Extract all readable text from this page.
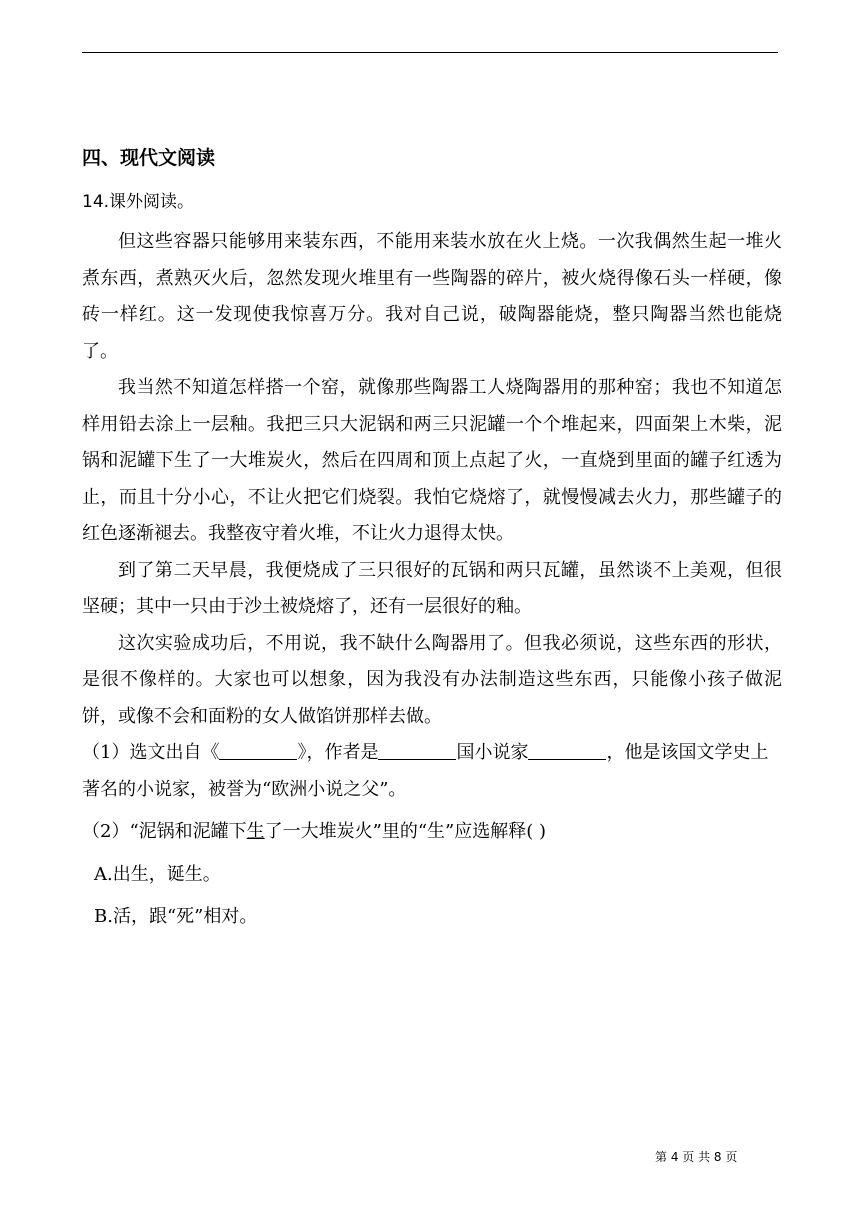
四、现代文阅读
14.课外阅读。

但这些容器只能够用来装东西，不能用来装水放在火上烧。一次我偶然生起一堆火煮东西，煮熟灭火后，忽然发现火堆里有一些陶器的碎片，被火烧得像石头一样硬，像砖一样红。这一发现使我惊喜万分。我对自己说，破陶器能烧，整只陶器当然也能烧了。

我当然不知道怎样搭一个窑，就像那些陶器工人烧陶器用的那种窑；我也不知道怎样用铅去涂上一层釉。我把三只大泥锅和两三只泥罐一个个堆起来，四面架上木柴，泥锅和泥罐下生了一大堆炭火，然后在四周和顶上点起了火，一直烧到里面的罐子红透为止，而且十分小心，不让火把它们烧裂。我怕它烧熔了，就慢慢减去火力，那些罐子的红色逐渐褪去。我整夜守着火堆，不让火力退得太快。

到了第二天早晨，我便烧成了三只很好的瓦锅和两只瓦罐，虽然谈不上美观，但很坚硬；其中一只由于沙土被烧熔了，还有一层很好的釉。

这次实验成功后，不用说，我不缺什么陶器用了。但我必须说，这些东西的形状，是很不像样的。大家也可以想象，因为我没有办法制造这些东西，只能像小孩子做泥饼，或像不会和面粉的女人做馅饼那样去做。

（1）选文出自《	》，作者是	国小说家	，他是该国文学史上著名的小说家，被誉为“欧洲小说之父”。

（2）“泥锅和泥罐下生了一大堆炭火”里的“生”应选解释( )

A.出生，诞生。
B.活，跟“死”相对。
第 4 页 共 8 页
